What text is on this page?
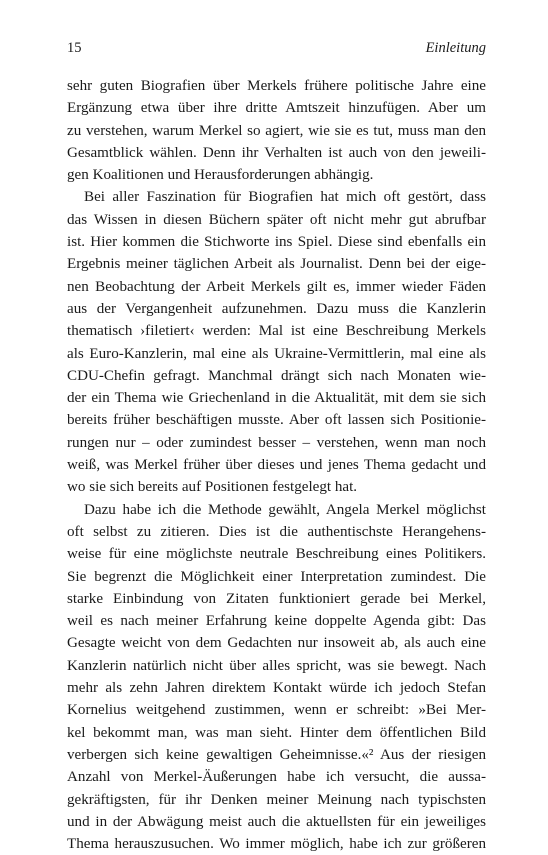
15	Einleitung
sehr guten Biografien über Merkels frühere politische Jahre eine
Ergänzung etwa über ihre dritte Amtszeit hinzufügen. Aber um
zu verstehen, warum Merkel so agiert, wie sie es tut, muss man den
Gesamtblick wählen. Denn ihr Verhalten ist auch von den jeweili-
gen Koalitionen und Herausforderungen abhängig.
Bei aller Faszination für Biografien hat mich oft gestört, dass
das Wissen in diesen Büchern später oft nicht mehr gut abrufbar
ist. Hier kommen die Stichworte ins Spiel. Diese sind ebenfalls ein
Ergebnis meiner täglichen Arbeit als Journalist. Denn bei der eige-
nen Beobachtung der Arbeit Merkels gilt es, immer wieder Fäden
aus der Vergangenheit aufzunehmen. Dazu muss die Kanzlerin
thematisch ›filetiert‹ werden: Mal ist eine Beschreibung Merkels
als Euro-Kanzlerin, mal eine als Ukraine-Vermittlerin, mal eine als
CDU-Chefin gefragt. Manchmal drängt sich nach Monaten wie-
der ein Thema wie Griechenland in die Aktualität, mit dem sie sich
bereits früher beschäftigen musste. Aber oft lassen sich Positionie-
rungen nur – oder zumindest besser – verstehen, wenn man noch
weiß, was Merkel früher über dieses und jenes Thema gedacht und
wo sie sich bereits auf Positionen festgelegt hat.
Dazu habe ich die Methode gewählt, Angela Merkel möglichst
oft selbst zu zitieren. Dies ist die authentischste Herangehens-
weise für eine möglichste neutrale Beschreibung eines Politikers.
Sie begrenzt die Möglichkeit einer Interpretation zumindest. Die
starke Einbindung von Zitaten funktioniert gerade bei Merkel,
weil es nach meiner Erfahrung keine doppelte Agenda gibt: Das
Gesagte weicht von dem Gedachten nur insoweit ab, als auch eine
Kanzlerin natürlich nicht über alles spricht, was sie bewegt. Nach
mehr als zehn Jahren direktem Kontakt würde ich jedoch Stefan
Kornelius weitgehend zustimmen, wenn er schreibt: »Bei Mer-
kel bekommt man, was man sieht. Hinter dem öffentlichen Bild
verbergen sich keine gewaltigen Geheimnisse.«² Aus der riesigen
Anzahl von Merkel-Äußerungen habe ich versucht, die aussa-
gekräftigsten, für ihr Denken meiner Meinung nach typischsten
und in der Abwägung meist auch die aktuellsten für ein jeweiliges
Thema herauszusuchen. Wo immer möglich, habe ich zur größeren
